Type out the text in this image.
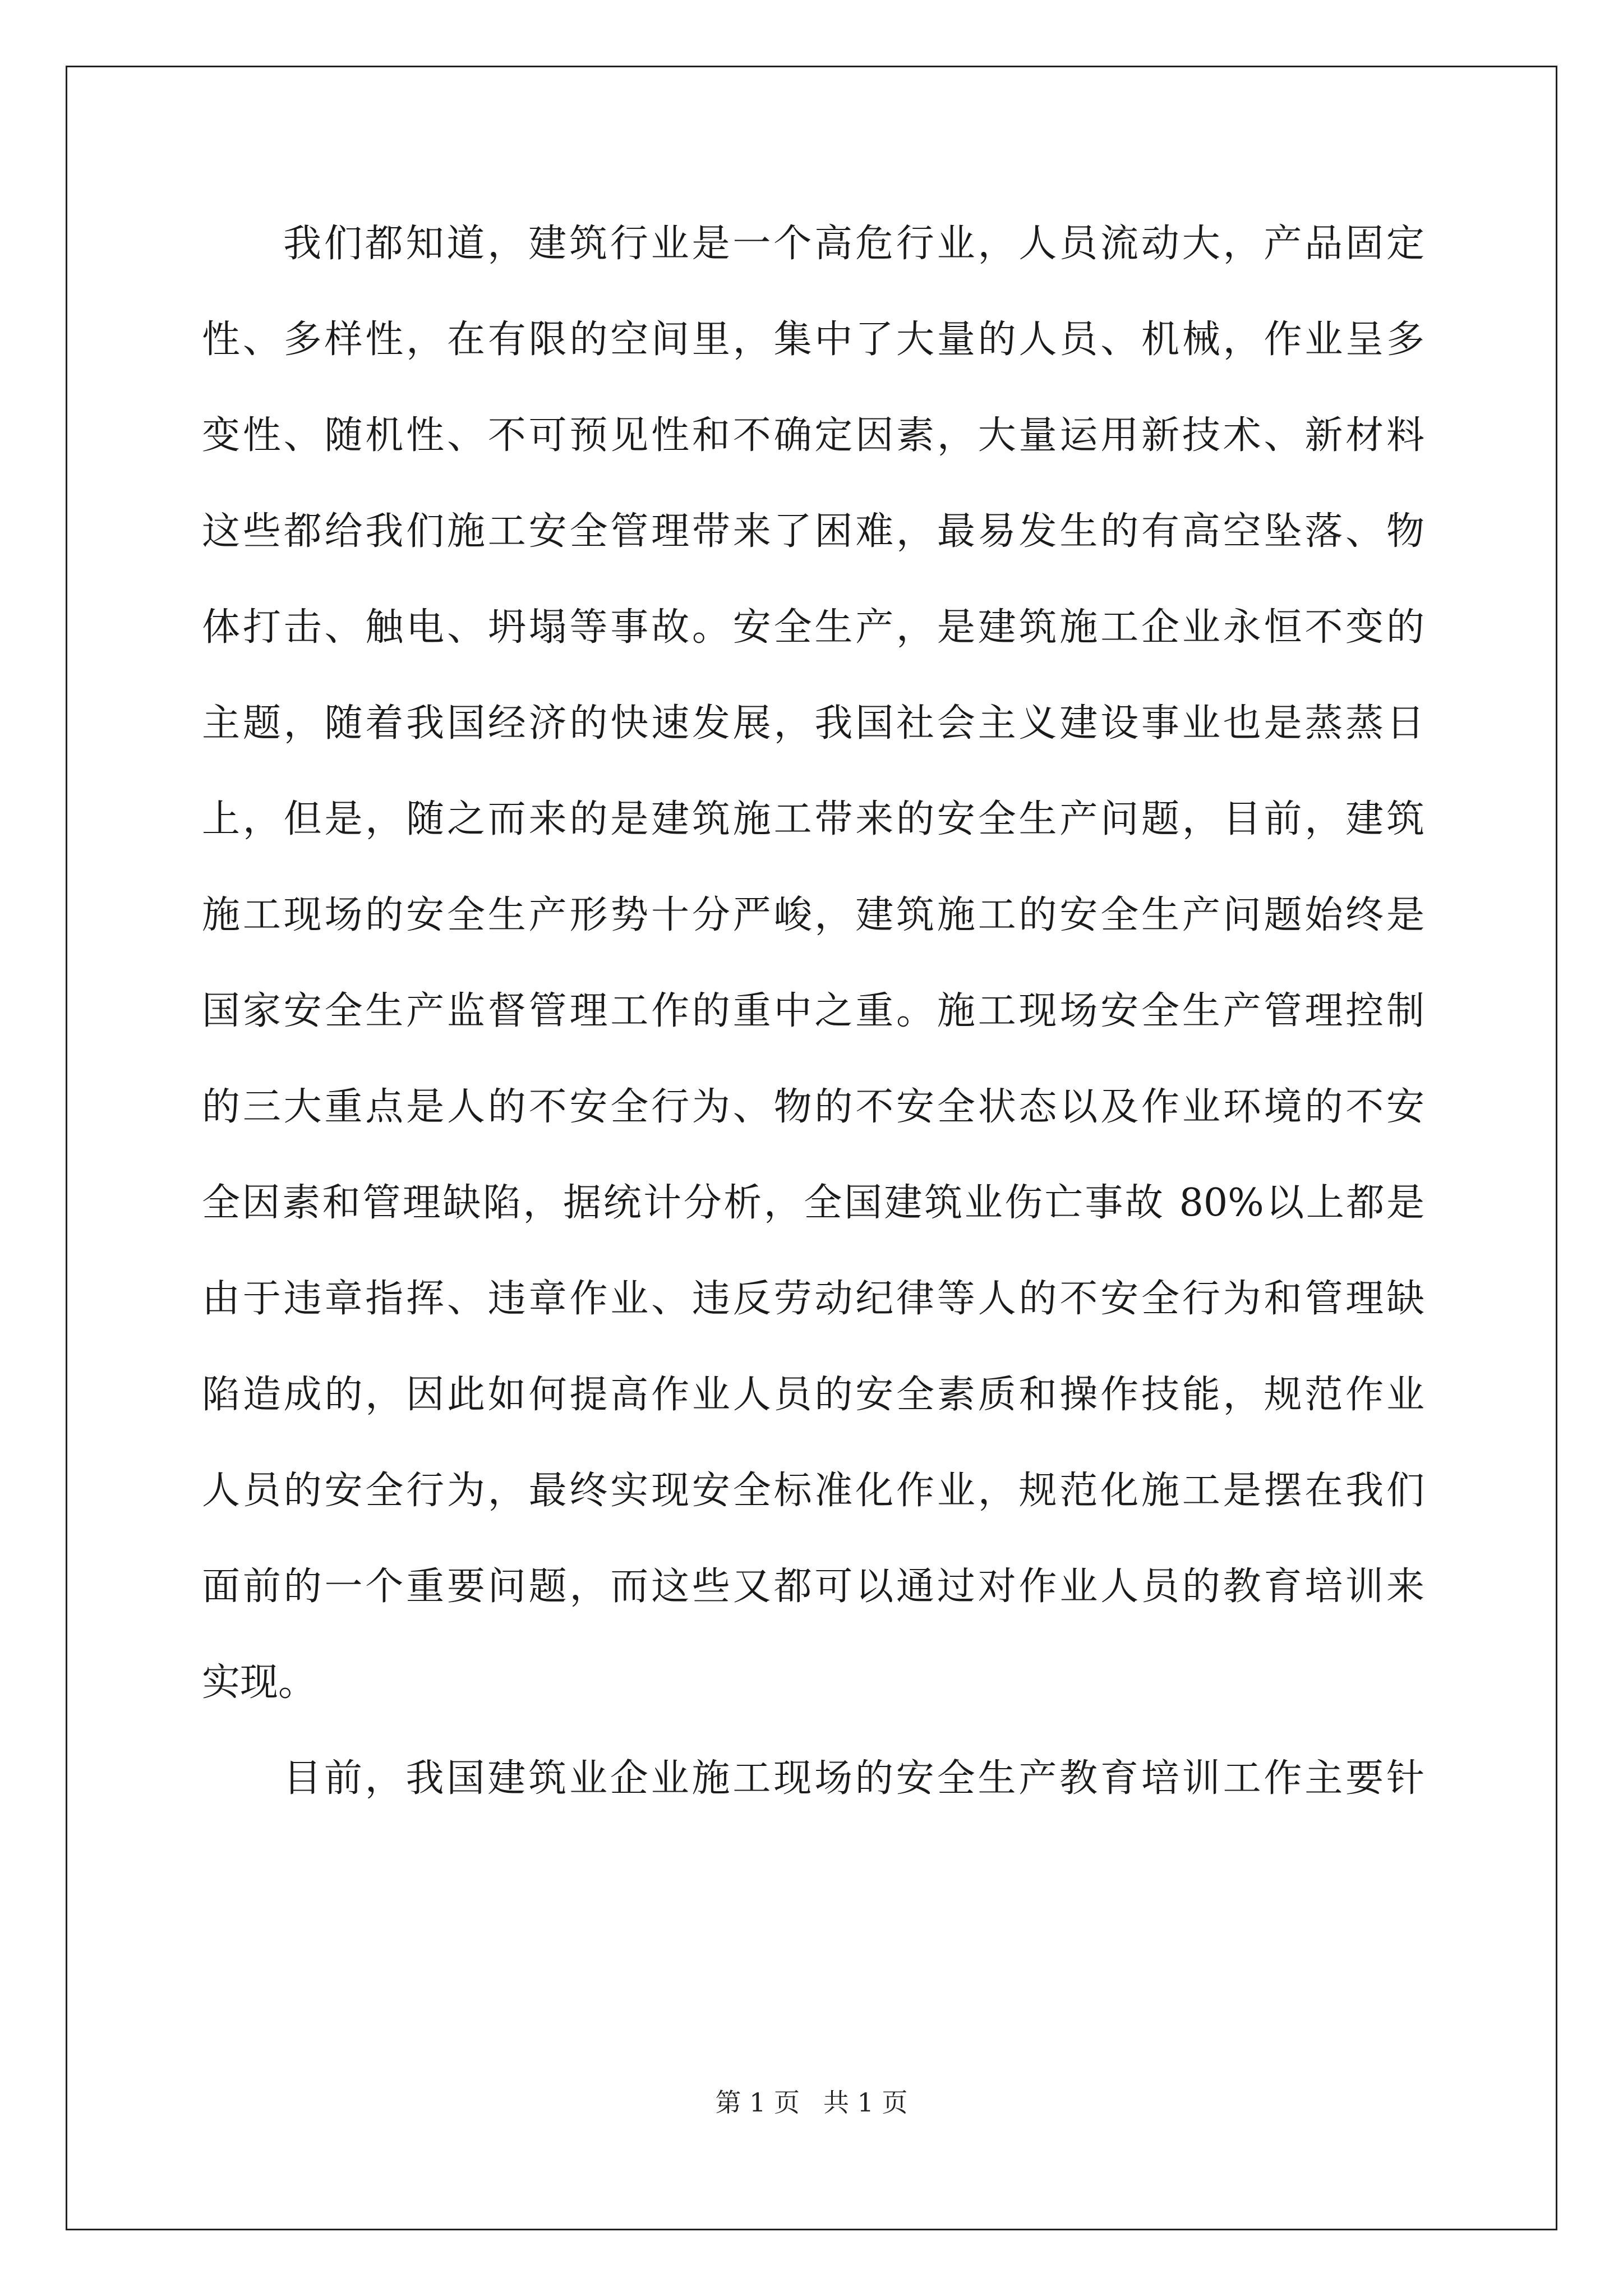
我们都知道，建筑行业是一个高危行业，人员流动大，产品固定
性、多样性，在有限的空间里，集中了大量的人员、机械，作业呈多
变性、随机性、不可预见性和不确定因素，大量运用新技术、新材料
这些都给我们施工安全管理带来了困难，最易发生的有高空坠落、物
体打击、触电、坍塌等事故。安全生产，是建筑施工企业永恒不变的
主题，随着我国经济的快速发展，我国社会主义建设事业也是蒸蒸日
上，但是，随之而来的是建筑施工带来的安全生产问题，目前，建筑
施工现场的安全生产形势十分严峻，建筑施工的安全生产问题始终是
国家安全生产监督管理工作的重中之重。施工现场安全生产管理控制
的三大重点是人的不安全行为、物的不安全状态以及作业环境的不安
全因素和管理缺陷，据统计分析，全国建筑业伤亡事故 80%以上都是
由于违章指挥、违章作业、违反劳动纪律等人的不安全行为和管理缺
陷造成的，因此如何提高作业人员的安全素质和操作技能，规范作业
人员的安全行为，最终实现安全标准化作业，规范化施工是摆在我们
面前的一个重要问题，而这些又都可以通过对作业人员的教育培训来
实现。
目前，我国建筑业企业施工现场的安全生产教育培训工作主要针
第 1 页 共 1 页
